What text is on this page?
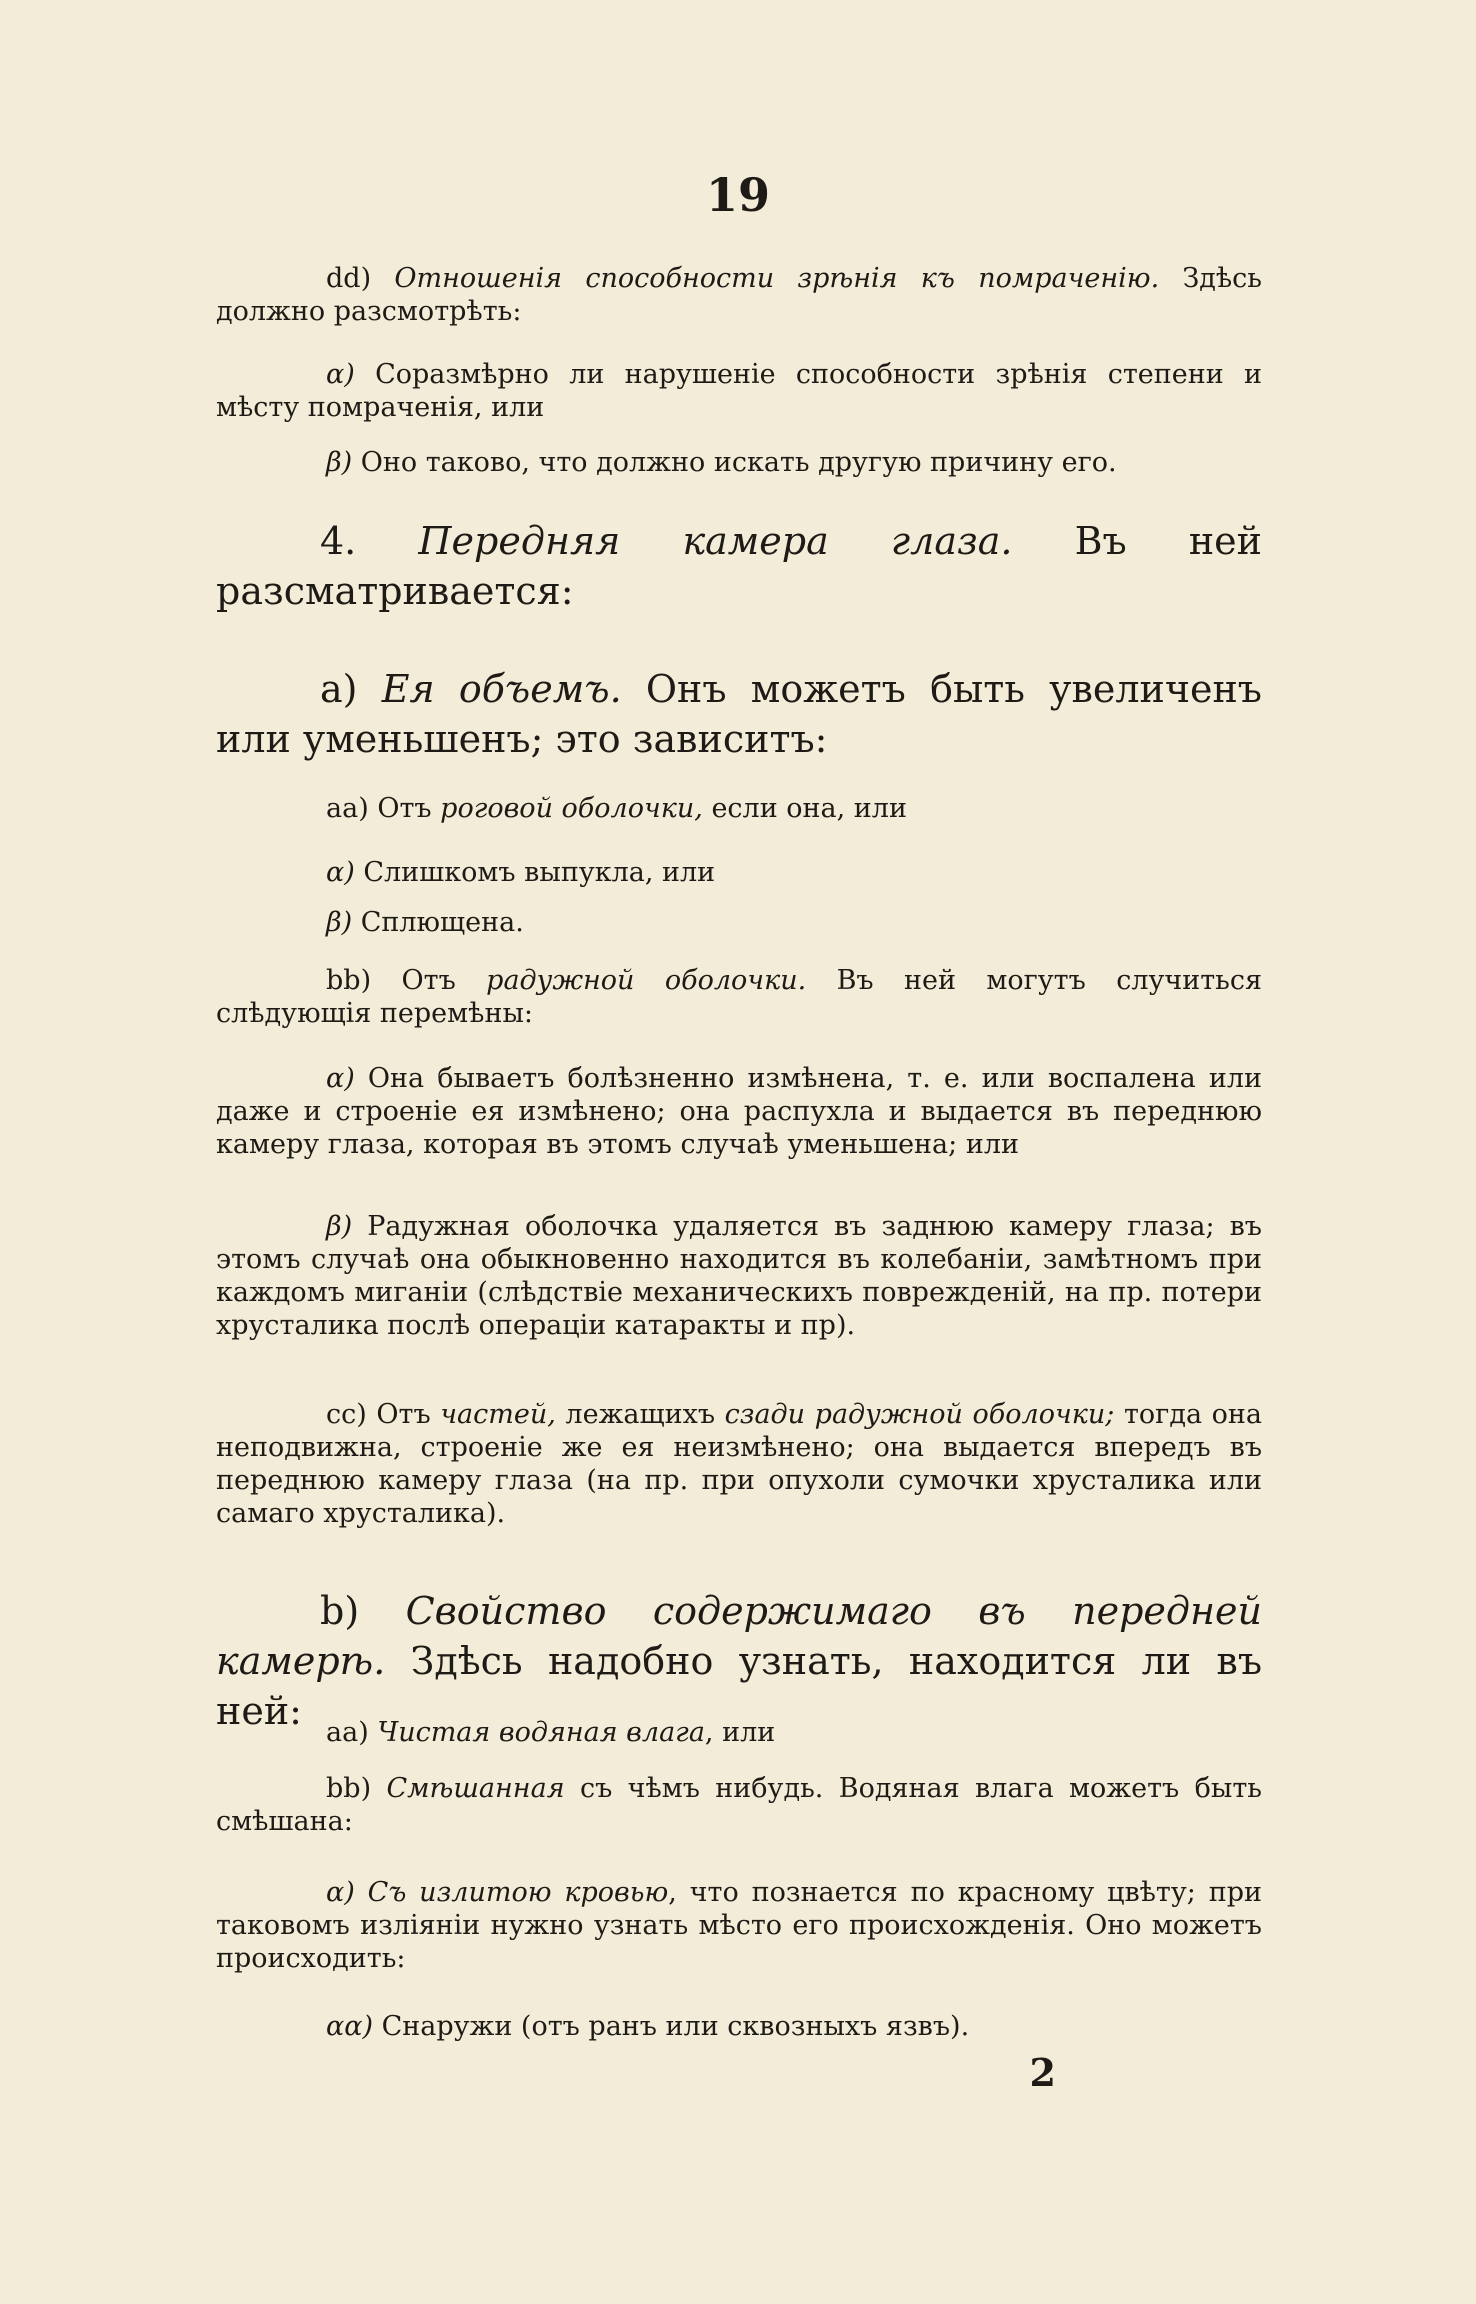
19

dd) Отношенія способности зрѣнія къ помраченію. Здѣсь должно разсмотрѣть:

α) Соразмѣрно ли нарушеніе способности зрѣнія степени и мѣсту помраченія, или

β) Оно таково, что должно искать другую причину его.

4. Передняя камера глаза. Въ ней разсматривается:

a) Ея объемъ. Онъ можетъ быть увеличенъ или уменьшенъ; это зависитъ:

aa) Отъ роговой оболочки, если она, или

α) Слишкомъ выпукла, или

β) Сплющена.

bb) Отъ радужной оболочки. Въ ней могутъ случиться слѣдующія перемѣны:

α) Она бываетъ болѣзненно измѣнена, т. е. или воспалена или даже и строеніе ея измѣнено; она распухла и выдается въ переднюю камеру глаза, которая въ этомъ случаѣ уменьшена; или

β) Радужная оболочка удаляется въ заднюю камеру глаза; въ этомъ случаѣ она обыкновенно находится въ колебаніи, замѣтномъ при каждомъ миганіи (слѣдствіе механическихъ поврежденій, на пр. потери хрусталика послѣ операціи катаракты и пр).

cc) Отъ частей, лежащихъ сзади радужной оболочки; тогда она неподвижна, строеніе же ея неизмѣнено; она выдается впередъ въ переднюю камеру глаза (на пр. при опухоли сумочки хрусталика или самаго хрусталика).

b) Свойство содержимаго въ передней камерѣ. Здѣсь надобно узнать, находится ли въ ней: aa) Чистая водяная влага, или

bb) Смѣшанная съ чѣмъ нибудь. Водяная влага можетъ быть смѣшана:

α) Съ излитою кровью, что познается по красному цвѣту; при таковомъ изліяніи нужно узнать мѣсто его происхожденія. Оно можетъ происходить:

αα) Снаружи (отъ ранъ или сквозныхъ язвъ).

2
